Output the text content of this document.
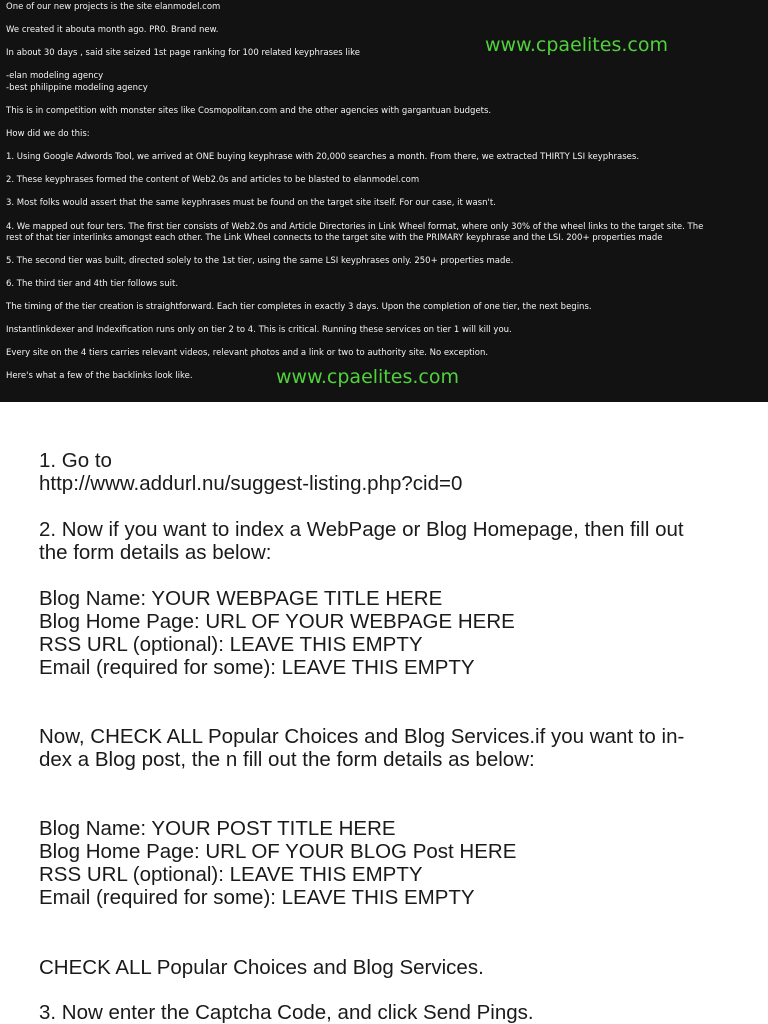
One of our new projects is the site elanmodel.com
We created it abouta month ago. PR0. Brand new.
In about 30 days , said site seized 1st page ranking for 100 related keyphrases like
-elan modeling agency
-best philippine modeling agency
This is in competition with monster sites like Cosmopolitan.com and the other agencies with gargantuan budgets.
How did we do this:
1. Using Google Adwords Tool, we arrived at ONE buying keyphrase with 20,000 searches a month. From there, we extracted THIRTY LSI keyphrases.
2. These keyphrases formed the content of Web2.0s and articles to be blasted to elanmodel.com
3. Most folks would assert that the same keyphrases must be found on the target site itself. For our case, it wasn't.
4. We mapped out four ters. The first tier consists of Web2.0s and Article Directories in Link Wheel format, where only 30% of the wheel links to the target site. The
rest of that tier interlinks amongst each other. The Link Wheel connects to the target site with the PRIMARY keyphrase and the LSI. 200+ properties made
5. The second tier was built, directed solely to the 1st tier, using the same LSI keyphrases only. 250+ properties made.
6. The third tier and 4th tier follows suit.
The timing of the tier creation is straightforward. Each tier completes in exactly 3 days. Upon the completion of one tier, the next begins.
Instantlinkdexer and Indexification runs only on tier 2 to 4. This is critical. Running these services on tier 1 will kill you.
Every site on the 4 tiers carries relevant videos, relevant photos and a link or two to authority site. No exception.
Here's what a few of the backlinks look like.
www.cpaelites.com
www.cpaelites.com
1. Go to
http://www.addurl.nu/suggest-listing.php?cid=0
2. Now if you want to index a WebPage or Blog Homepage, then fill out
the form details as below:
Blog Name: YOUR WEBPAGE TITLE HERE
Blog Home Page: URL OF YOUR WEBPAGE HERE
RSS URL (optional): LEAVE THIS EMPTY
Email (required for some): LEAVE THIS EMPTY
Now, CHECK ALL Popular Choices and Blog Services.if you want to in-
dex a Blog post, the n fill out the form details as below:
Blog Name: YOUR POST TITLE HERE
Blog Home Page: URL OF YOUR BLOG Post HERE
RSS URL (optional): LEAVE THIS EMPTY
Email (required for some): LEAVE THIS EMPTY
CHECK ALL Popular Choices and Blog Services.
3. Now enter the Captcha Code, and click Send Pings.
